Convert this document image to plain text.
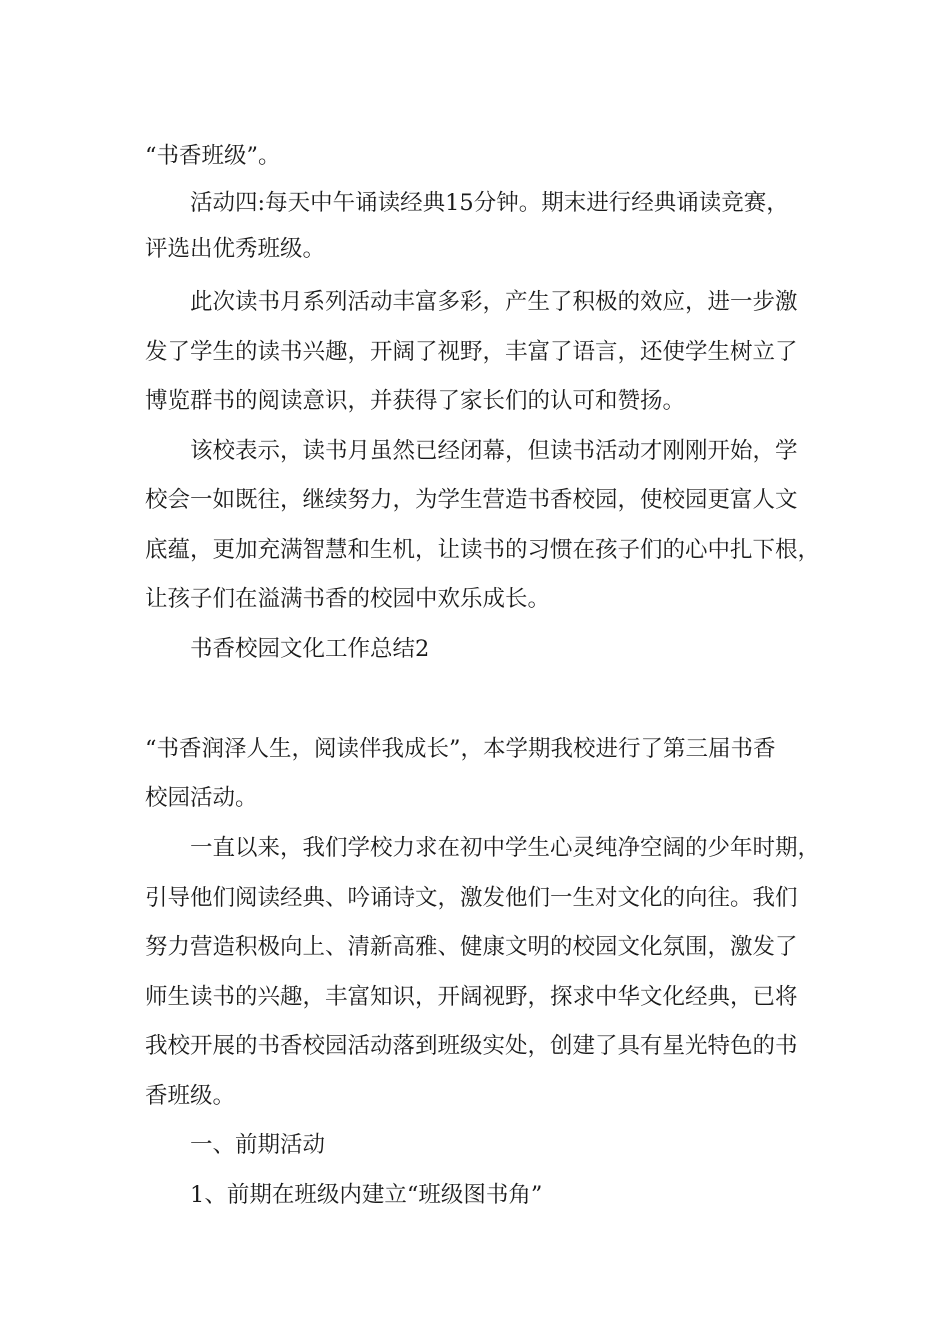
“书香班级”。
活动四:每天中午诵读经典15分钟。期末进行经典诵读竞赛，
评选出优秀班级。
此次读书月系列活动丰富多彩，产生了积极的效应，进一步激
发了学生的读书兴趣，开阔了视野，丰富了语言，还使学生树立了
博览群书的阅读意识，并获得了家长们的认可和赞扬。
该校表示，读书月虽然已经闭幕，但读书活动才刚刚开始，学
校会一如既往，继续努力，为学生营造书香校园，使校园更富人文
底蕴，更加充满智慧和生机，让读书的习惯在孩子们的心中扎下根，
让孩子们在溢满书香的校园中欢乐成长。
书香校园文化工作总结2
“书香润泽人生，阅读伴我成长”，本学期我校进行了第三届书香
校园活动。
一直以来，我们学校力求在初中学生心灵纯净空阔的少年时期，
引导他们阅读经典、吟诵诗文，激发他们一生对文化的向往。我们
努力营造积极向上、清新高雅、健康文明的校园文化氛围，激发了
师生读书的兴趣，丰富知识，开阔视野，探求中华文化经典，已将
我校开展的书香校园活动落到班级实处，创建了具有星光特色的书
香班级。
一、前期活动
1、前期在班级内建立“班级图书角”
